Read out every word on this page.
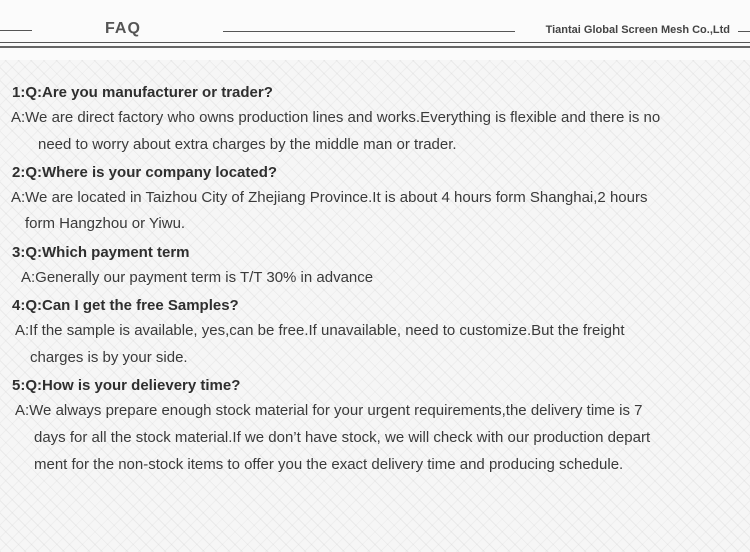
FAQ	Tiantai Global Screen Mesh Co.,Ltd
1:Q:Are you manufacturer or trader?
A:We are direct factory who owns production lines and works.Everything is flexible and there is no
need to worry about extra charges by the middle man or trader.
2:Q:Where is your company located?
A:We are located in Taizhou City of Zhejiang Province.It is about 4 hours form Shanghai,2 hours
form Hangzhou or Yiwu.
3:Q:Which payment term
A:Generally our payment term is T/T 30% in advance
4:Q:Can I get the free Samples?
A:If the sample is available, yes,can be free.If unavailable, need to customize.But the freight
charges is by your side.
5:Q:How is your delievery time?
A:We always prepare enough stock material for your urgent requirements,the delivery time is 7
days for all the stock material.If we don’t have stock, we will check with our production depart
ment for the non-stock items to offer you the exact delivery time and producing schedule.
